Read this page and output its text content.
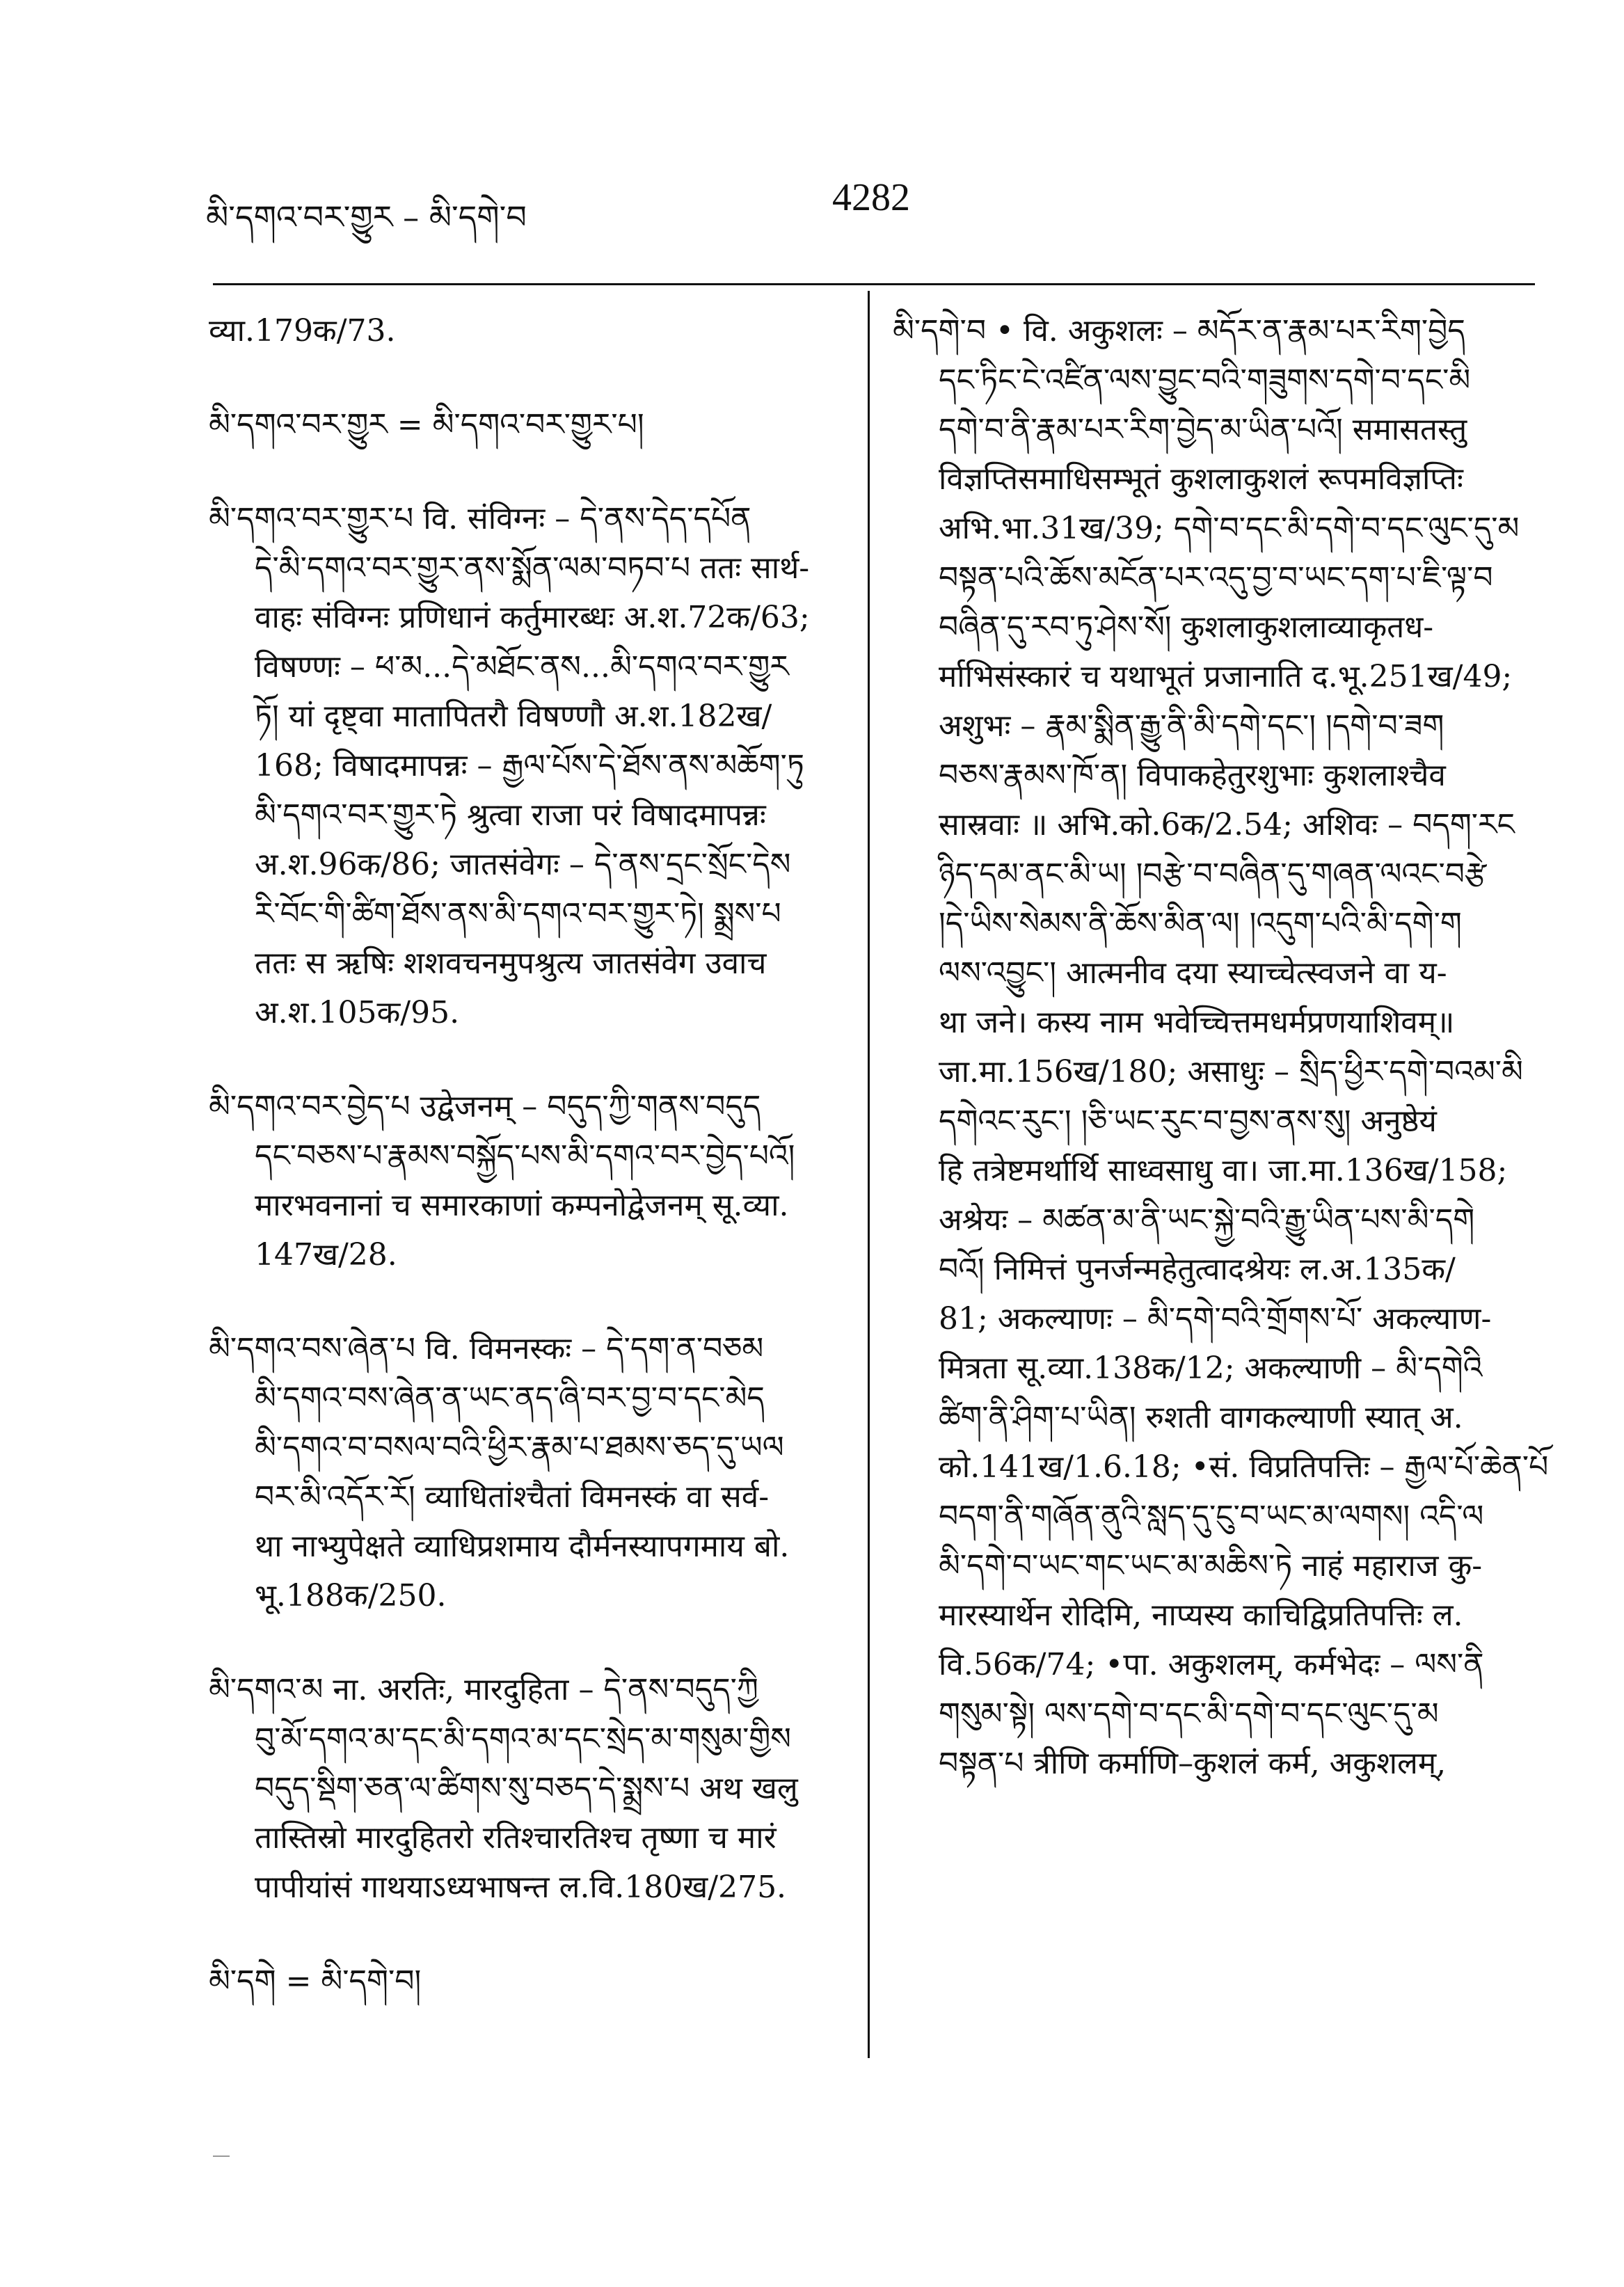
མི་དགའ་བར་གྱུར – མི་དགེ་བ	4282
व्या.179क/73.
མི་དགའ་བར་གྱུར = མི་དགའ་བར་གྱུར་པ།
མི་དགའ་བར་གྱུར་པ वि. संविग्नः – དེ་ནས་དེད་དཔོན
དེ་མི་དགའ་བར་གྱུར་ནས་སྨོན་ལམ་བཏབ་པ ततः सार्थ-
वाहः संविग्नः प्रणिधानं कर्तुमारब्धः अ.श.72क/63;
विषण्णः – ཕ་མ...དེ་མཐོང་ནས...མི་དགའ་བར་གྱུར
ཏོ། यां दृष्ट्वा मातापितरौ विषण्णौ अ.श.182ख/
168; विषादमापन्नः – རྒྱལ་པོས་དེ་ཐོས་ནས་མཆོག་ཏུ
མི་དགའ་བར་གྱུར་ཏེ श्रुत्वा राजा परं विषादमापन्नः
अ.श.96क/86; जातसंवेगः – དེ་ནས་དྲང་སྲོང་དེས
རི་བོང་གི་ཚིག་ཐོས་ནས་མི་དགའ་བར་གྱུར་ཏེ། སྨྲས་པ
ततः स ऋषिः शशवचनमुपश्रुत्य जातसंवेग उवाच
अ.श.105क/95.
མི་དགའ་བར་བྱེད་པ उद्वेजनम् – བདུད་ཀྱི་གནས་བདུད
དང་བཅས་པ་རྣམས་བསྐྱོད་པས་མི་དགའ་བར་བྱེད་པའོ།
मारभवनानां च समारकाणां कम्पनोद्वेजनम् सू.व्या.
147ख/28.
མི་དགའ་བས་ཞེན་པ वि. विमनस्कः – དེ་དག་ན་བཅམ
མི་དགའ་བས་ཞེན་ན་ཡང་ནད་ཞི་བར་བྱ་བ་དང་མེད
མི་དགའ་བ་བསལ་བའི་ཕྱིར་རྣམ་པ་ཐམས་ཅད་དུ་ཡལ
བར་མི་འདོར་རོ། व्याधितांश्चैतां विमनस्कं वा सर्व-
था नाभ्युपेक्षते व्याधिप्रशमाय दौर्मनस्यापगमाय बो.
भू.188क/250.
མི་དགའ་མ ना. अरतिः, मारदुहिता – དེ་ནས་བདུད་ཀྱི
བུ་མོ་དགའ་མ་དང་མི་དགའ་མ་དང་སྲེད་མ་གསུམ་གྱིས
བདུད་སྡིག་ཅན་ལ་ཚིགས་སུ་བཅད་དེ་སྨྲས་པ अथ खलु
तास्तिस्रो मारदुहितरो रतिश्चारतिश्च तृष्णा च मारं
पापीयांसं गाथयाऽध्यभाषन्त ल.वि.180ख/275.
མི་དགེ = མི་དགེ་བ།
མི་དགེ་བ • वि. अकुशलः – མདོར་ན་རྣམ་པར་རིག་བྱེད
དང་ཏིང་ངེ་འཛིན་ལས་བྱུང་བའི་གཟུགས་དགེ་བ་དང་མི
དགེ་བ་ནི་རྣམ་པར་རིག་བྱེད་མ་ཡིན་པའོ། समासतस्तु
विज्ञप्तिसमाधिसम्भूतं कुशलाकुशलं रूपमविज्ञप्तिः
अभि.भा.31ख/39; དགེ་བ་དང་མི་དགེ་བ་དང་ལུང་དུ་མ
བསྟན་པའི་ཆོས་མངོན་པར་འདུ་བྱ་བ་ཡང་དག་པ་ཇི་ལྟ་བ
བཞིན་དུ་རབ་ཏུ་ཤེས་སོ། कुशलाकुशलाव्याकृतध-
र्माभिसंस्कारं च यथाभूतं प्रजानाति द.भू.251ख/49;
अशुभः – རྣམ་སྨིན་རྒྱུ་ནི་མི་དགེ་དང་། །དགེ་བ་ཟག
བཅས་རྣམས་ཁོ་ན། विपाकहेतुरशुभाः कुशलाश्चैव
सास्रवाः ॥ अभि.को.6क/2.54; अशिवः – བདག་རང
ཉིད་དམ་ནང་མི་ཡ། །བརྩེ་བ་བཞིན་དུ་གཞན་ལའང་བརྩེ
།དེ་ཡིས་སེམས་ནི་ཆོས་མིན་ལ། །འདུག་པའི་མི་དགེ་ག
ལས་འབྱུང་། आत्मनीव दया स्याच्चेत्स्वजने वा य-
था जने। कस्य नाम भवेच्चित्तमधर्मप्रणयाशिवम्॥
जा.मा.156ख/180; असाधुः – སྲིད་ཕྱིར་དགེ་བའམ་མི
དགེའང་རུང་། །ཅི་ཡང་རུང་བ་བྱས་ནས་སུ། अनुष्ठेयं
हि तत्रेष्टमर्थार्थि साध्वसाधु वा। जा.मा.136ख/158;
अश्रेयः – མཚན་མ་ནི་ཡང་སྐྱེ་བའི་རྒྱུ་ཡིན་པས་མི་དགེ
བའོ། निमित्तं पुनर्जन्महेतुत्वादश्रेयः ल.अ.135क/
81; अकल्याणः – མི་དགེ་བའི་གྲོགས་པོ་ अकल्याण-
मित्रता सू.व्या.138क/12; अकल्याणी – མི་དགེའི
ཚིག་ནི་ཤིག་པ་ཡིན། रुशती वागकल्याणी स्यात् अ.
को.141ख/1.6.18; •सं. विप्रतिपत्तिः – རྒྱལ་པོ་ཆེན་པོ
བདག་ནི་གཞོན་ནུའི་སླད་དུ་ངུ་བ་ཡང་མ་ལགས། འདི་ལ
མི་དགེ་བ་ཡང་གང་ཡང་མ་མཆིས་ཏེ नाहं महाराज कु-
मारस्यार्थेन रोदिमि, नाप्यस्य काचिद्विप्रतिपत्तिः ल.
वि.56क/74; •पा. अकुशलम्, कर्मभेदः – ལས་ནི
གསུམ་སྟེ། ལས་དགེ་བ་དང་མི་དགེ་བ་དང་ལུང་དུ་མ
བསྟན་པ त्रीणि कर्माणि–कुशलं कर्म, अकुशलम्,
